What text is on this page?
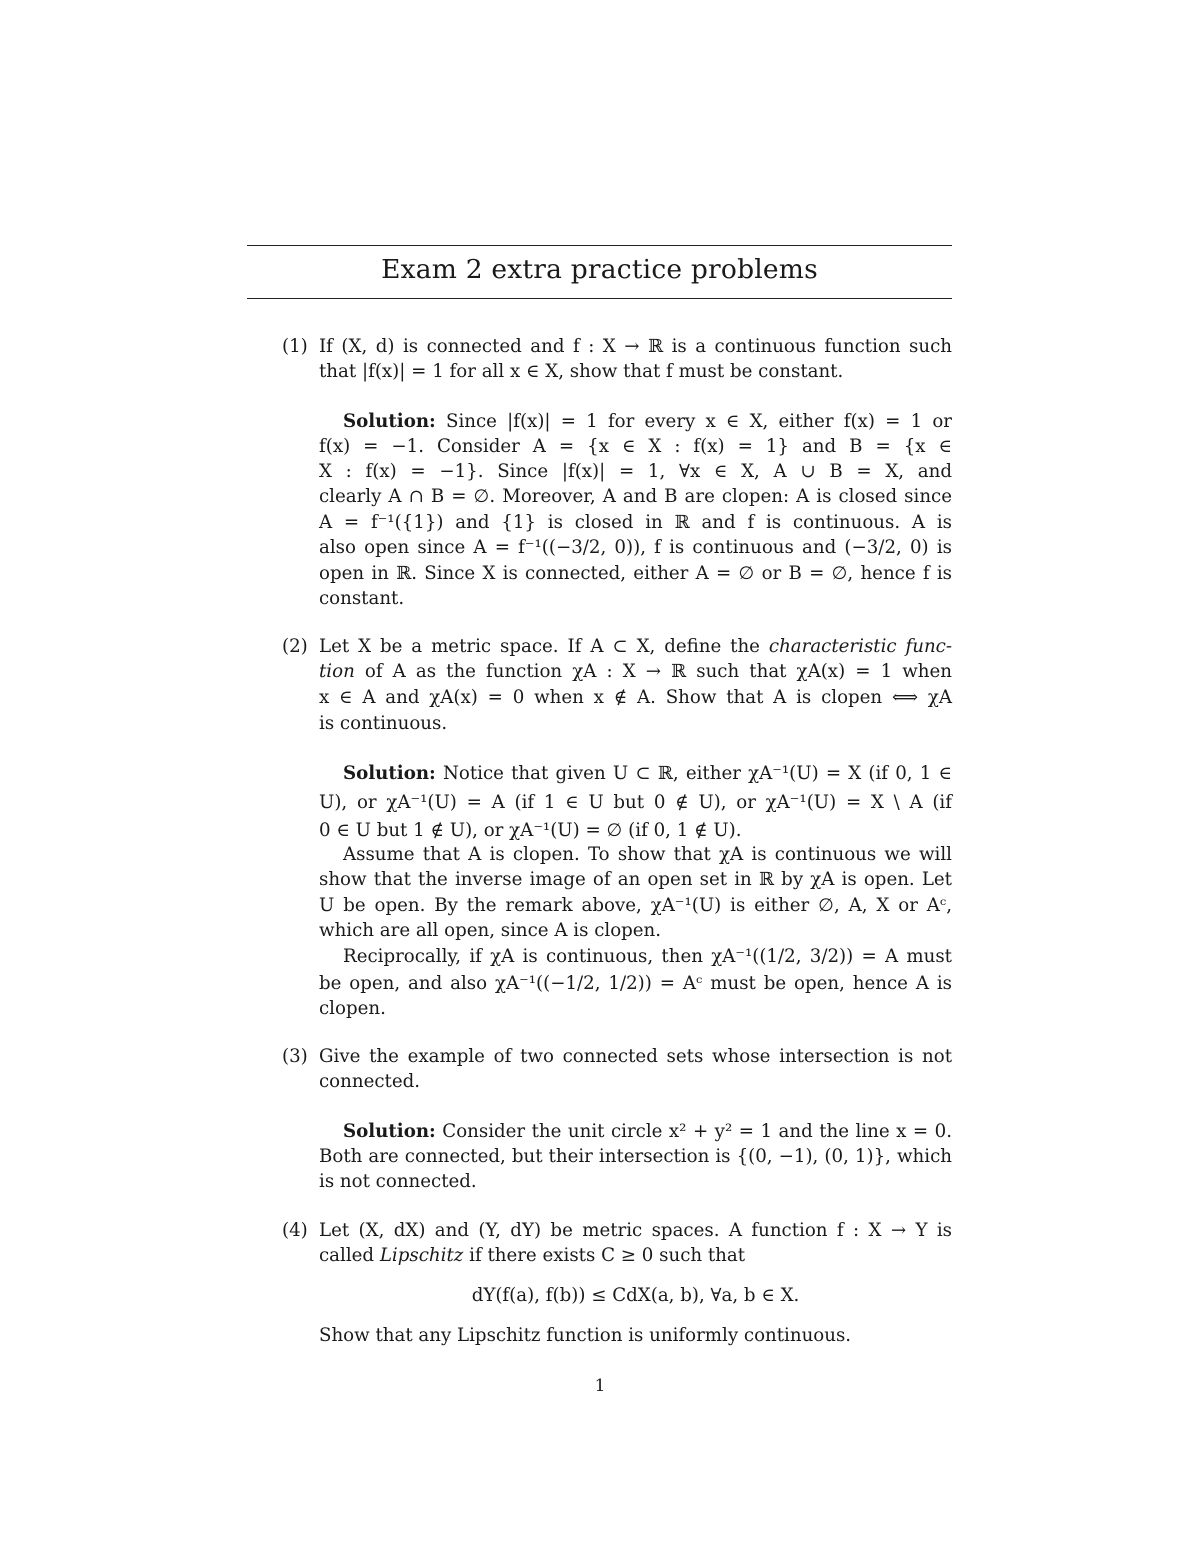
Exam 2 extra practice problems
(1) If (X, d) is connected and f : X → ℝ is a continuous function such
that |f(x)| = 1 for all x ∈ X, show that f must be constant.
Solution: Since |f(x)| = 1 for every x ∈ X, either f(x) = 1 or
f(x) = −1. Consider A = {x ∈ X : f(x) = 1} and B = {x ∈
X : f(x) = −1}. Since |f(x)| = 1, ∀x ∈ X, A ∪ B = X, and
clearly A ∩ B = ∅. Moreover, A and B are clopen: A is closed since
A = f⁻¹({1}) and {1} is closed in ℝ and f is continuous. A is
also open since A = f⁻¹((−3/2, 0)), f is continuous and (−3/2, 0) is
open in ℝ. Since X is connected, either A = ∅ or B = ∅, hence f is
constant.
(2) Let X be a metric space. If A ⊂ X, define the characteristic func-
tion of A as the function χA : X → ℝ such that χA(x) = 1 when
x ∈ A and χA(x) = 0 when x ∉ A. Show that A is clopen ⟺ χA
is continuous.
Solution: Notice that given U ⊂ ℝ, either χA⁻¹(U) = X (if 0, 1 ∈
U), or χA⁻¹(U) = A (if 1 ∈ U but 0 ∉ U), or χA⁻¹(U) = X \ A (if
0 ∈ U but 1 ∉ U), or χA⁻¹(U) = ∅ (if 0, 1 ∉ U).
Assume that A is clopen. To show that χA is continuous we will
show that the inverse image of an open set in ℝ by χA is open. Let
U be open. By the remark above, χA⁻¹(U) is either ∅, A, X or Aᶜ,
which are all open, since A is clopen.
Reciprocally, if χA is continuous, then χA⁻¹((1/2, 3/2)) = A must
be open, and also χA⁻¹((−1/2, 1/2)) = Aᶜ must be open, hence A is
clopen.
(3) Give the example of two connected sets whose intersection is not
connected.
Solution: Consider the unit circle x² + y² = 1 and the line x = 0.
Both are connected, but their intersection is {(0, −1), (0, 1)}, which
is not connected.
(4) Let (X, dX) and (Y, dY) be metric spaces. A function f : X → Y is
called Lipschitz if there exists C ≥ 0 such that
dY(f(a), f(b)) ≤ CdX(a, b), ∀a, b ∈ X.
Show that any Lipschitz function is uniformly continuous.
1
